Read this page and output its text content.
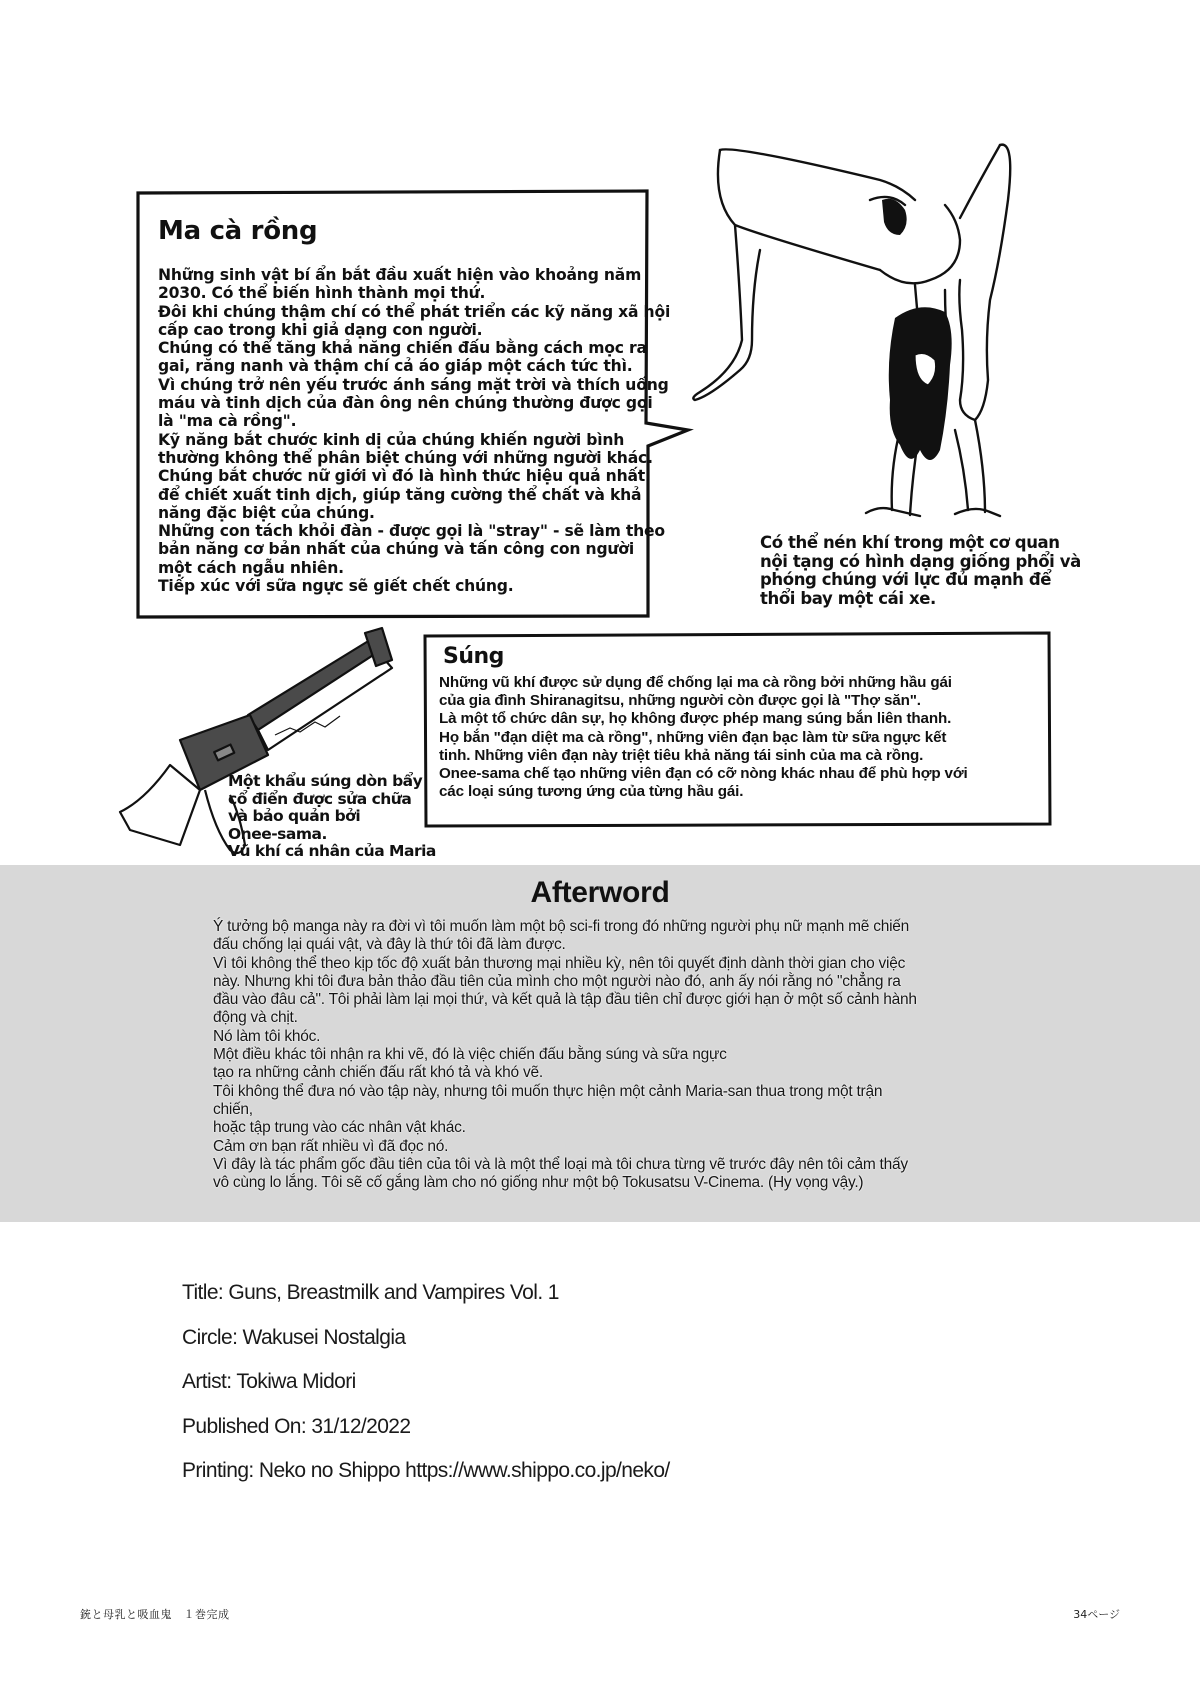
Ma cà rồng
Những sinh vật bí ẩn bắt đầu xuất hiện vào khoảng năm
2030. Có thể biến hình thành mọi thứ.
Đôi khi chúng thậm chí có thể phát triển các kỹ năng xã hội
cấp cao trong khi giả dạng con người.
Chúng có thể tăng khả năng chiến đấu bằng cách mọc ra
gai, răng nanh và thậm chí cả áo giáp một cách tức thì.
Vì chúng trở nên yếu trước ánh sáng mặt trời và thích uống
máu và tinh dịch của đàn ông nên chúng thường được gọi
là "ma cà rồng".
Kỹ năng bắt chước kinh dị của chúng khiến người bình
thường không thể phân biệt chúng với những người khác.
Chúng bắt chước nữ giới vì đó là hình thức hiệu quả nhất
để chiết xuất tinh dịch, giúp tăng cường thể chất và khả
năng đặc biệt của chúng.
Những con tách khỏi đàn - được gọi là "stray" - sẽ làm theo
bản năng cơ bản nhất của chúng và tấn công con người
một cách ngẫu nhiên.
Tiếp xúc với sữa ngực sẽ giết chết chúng.
Có thể nén khí trong một cơ quan
nội tạng có hình dạng giống phổi và
phóng chúng với lực đủ mạnh để
thổi bay một cái xe.
Một khẩu súng dòn bẩy
cổ điển được sửa chữa
và bảo quản bởi
Onee-sama.
Vũ khí cá nhân của Maria
Súng
Những vũ khí được sử dụng để chống lại ma cà rồng bởi những hầu gái
của gia đình Shiranagitsu, những người còn được gọi là "Thợ săn".
Là một tổ chức dân sự, họ không được phép mang súng bắn liên thanh.
Họ bắn "đạn diệt ma cà rồng", những viên đạn bạc làm từ sữa ngực kết
tinh. Những viên đạn này triệt tiêu khả năng tái sinh của ma cà rồng.
Onee-sama chế tạo những viên đạn có cỡ nòng khác nhau để phù hợp với
các loại súng tương ứng của từng hầu gái.
Afterword
Ý tưởng bộ manga này ra đời vì tôi muốn làm một bộ sci-fi trong đó những người phụ nữ mạnh mẽ chiến
đấu chống lại quái vật, và đây là thứ tôi đã làm được.
Vì tôi không thể theo kịp tốc độ xuất bản thương mại nhiều kỳ, nên tôi quyết định dành thời gian cho việc
này. Nhưng khi tôi đưa bản thảo đầu tiên của mình cho một người nào đó, anh ấy nói rằng nó "chẳng ra
đầu vào đâu cả". Tôi phải làm lại mọi thứ, và kết quả là tập đầu tiên chỉ được giới hạn ở một số cảnh hành
động và chịt.
Nó làm tôi khóc.
Một điều khác tôi nhận ra khi vẽ, đó là việc chiến đấu bằng súng và sữa ngực
tạo ra những cảnh chiến đấu rất khó tả và khó vẽ.
Tôi không thể đưa nó vào tập này, nhưng tôi muốn thực hiện một cảnh Maria-san thua trong một trận
chiến,
hoặc tập trung vào các nhân vật khác.
Cảm ơn bạn rất nhiều vì đã đọc nó.
Vì đây là tác phẩm gốc đầu tiên của tôi và là một thể loại mà tôi chưa từng vẽ trước đây nên tôi cảm thấy
vô cùng lo lắng. Tôi sẽ cố gắng làm cho nó giống như một bộ Tokusatsu V-Cinema. (Hy vọng vậy.)
Title: Guns, Breastmilk and Vampires Vol. 1
Circle: Wakusei Nostalgia
Artist: Tokiwa Midori
Published On: 31/12/2022
Printing: Neko no Shippo https://www.shippo.co.jp/neko/
銃と母乳と吸血鬼　１巻完成	34ページ
